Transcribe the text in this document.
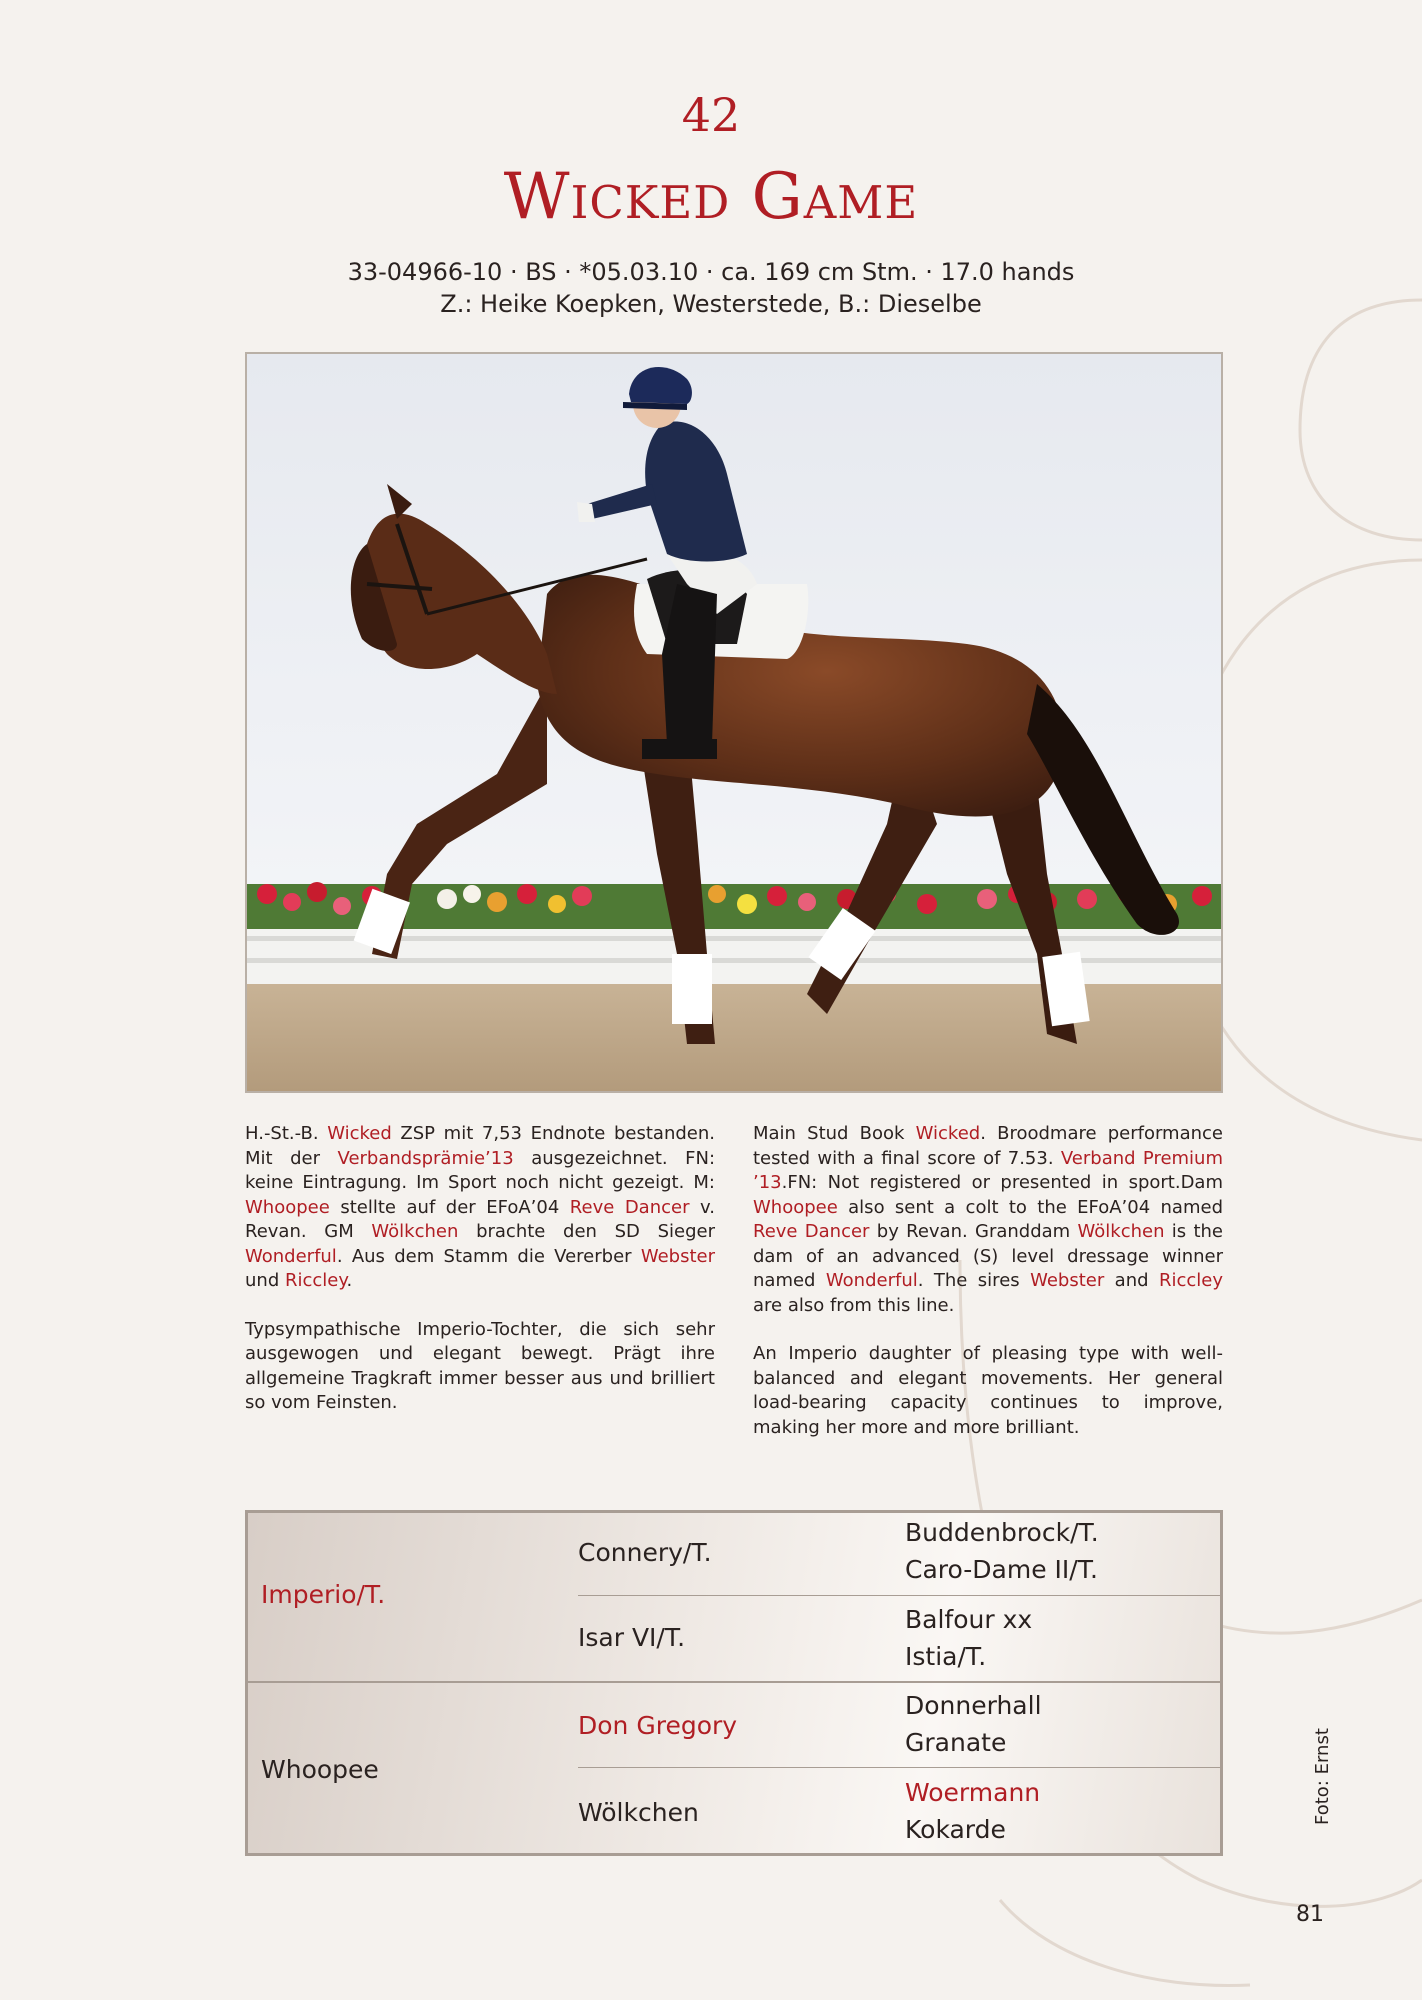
42
Wicked Game
33-04966-10 · BS · *05.03.10 · ca. 169 cm Stm. · 17.0 hands
Z.: Heike Koepken, Westerstede, B.: Dieselbe

H.-St.-B. Wicked ZSP mit 7,53 Endnote bestanden. Mit der Verbandsprämie’13 ausgezeichnet. FN: keine Eintragung. Im Sport noch nicht gezeigt. M: Whoopee stellte auf der EFoA’04 Reve Dancer v. Revan. GM Wölkchen brachte den SD Sieger Wonderful. Aus dem Stamm die Vererber Webster und Riccley.

Typsympathische Imperio-Tochter, die sich sehr ausgewogen und elegant bewegt. Prägt ihre allgemeine Tragkraft immer besser aus und brilliert so vom Feinsten.

Main Stud Book Wicked. Broodmare performance tested with a final score of 7.53. Verband Premium ’13.FN: Not registered or presented in sport.Dam Whoopee also sent a colt to the EFoA’04 named Reve Dancer by Revan. Granddam Wölkchen is the dam of an advanced (S) level dressage winner named Wonderful. The sires Webster and Riccley are also from this line.

An Imperio daughter of pleasing type with well-balanced and elegant movements. Her general load-bearing capacity continues to improve, making her more and more brilliant.

Imperio/T.
Connery/T.
Buddenbrock/T.
Caro-Dame II/T.
Isar VI/T.
Balfour xx
Istia/T.
Whoopee
Don Gregory
Donnerhall
Granate
Wölkchen
Woermann
Kokarde
Foto: Ernst
81
